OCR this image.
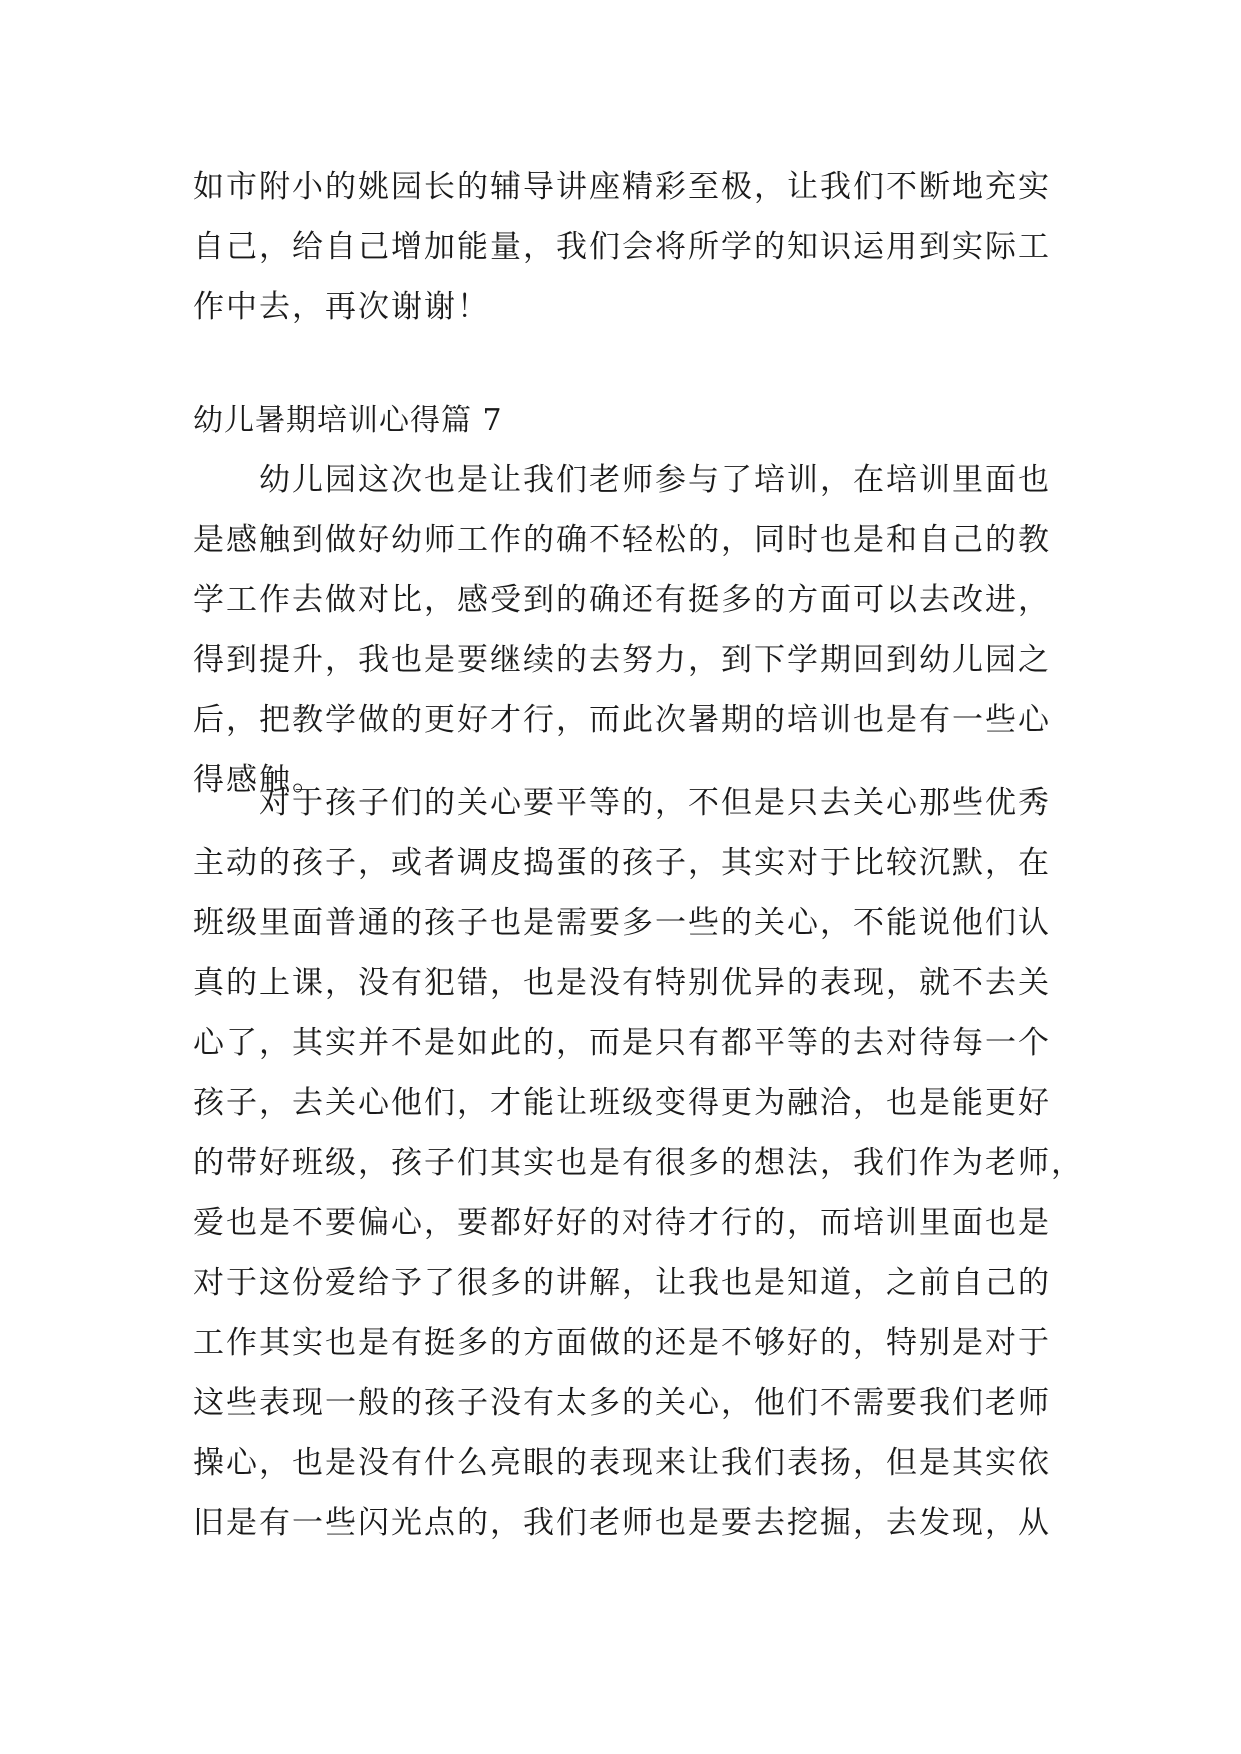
如市附小的姚园长的辅导讲座精彩至极，让我们不断地充实
自己，给自己增加能量，我们会将所学的知识运用到实际工
作中去，再次谢谢！
幼儿暑期培训心得篇 7
幼儿园这次也是让我们老师参与了培训，在培训里面也
是感触到做好幼师工作的确不轻松的，同时也是和自己的教
学工作去做对比，感受到的确还有挺多的方面可以去改进，
得到提升，我也是要继续的去努力，到下学期回到幼儿园之
后，把教学做的更好才行，而此次暑期的培训也是有一些心
得感触。
对于孩子们的关心要平等的，不但是只去关心那些优秀
主动的孩子，或者调皮捣蛋的孩子，其实对于比较沉默，在
班级里面普通的孩子也是需要多一些的关心，不能说他们认
真的上课，没有犯错，也是没有特别优异的表现，就不去关
心了，其实并不是如此的，而是只有都平等的去对待每一个
孩子，去关心他们，才能让班级变得更为融洽，也是能更好
的带好班级，孩子们其实也是有很多的想法，我们作为老师，
爱也是不要偏心，要都好好的对待才行的，而培训里面也是
对于这份爱给予了很多的讲解，让我也是知道，之前自己的
工作其实也是有挺多的方面做的还是不够好的，特别是对于
这些表现一般的孩子没有太多的关心，他们不需要我们老师
操心，也是没有什么亮眼的表现来让我们表扬，但是其实依
旧是有一些闪光点的，我们老师也是要去挖掘，去发现，从
